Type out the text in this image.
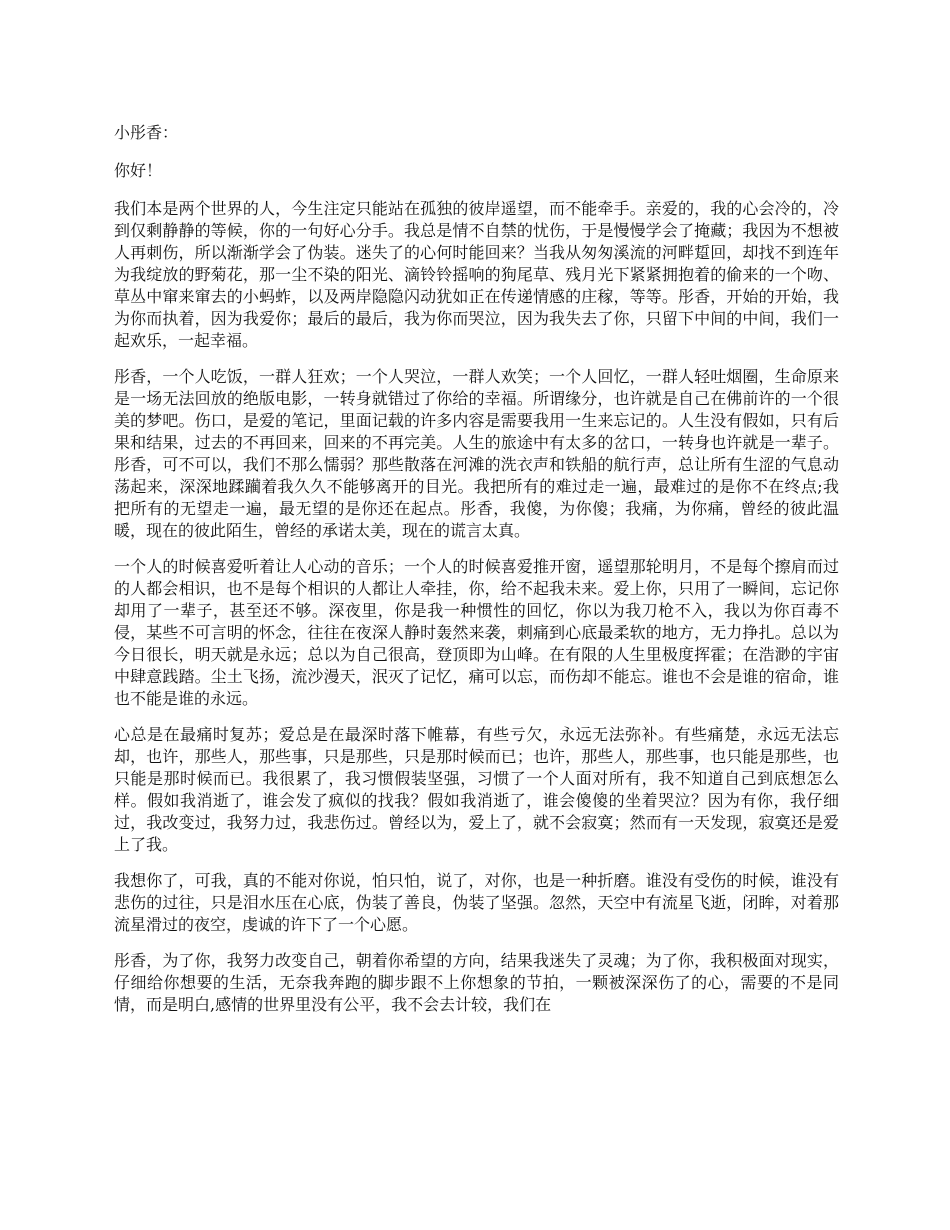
小彤香：

你好！

我们本是两个世界的人，今生注定只能站在孤独的彼岸遥望，而不能牵手。亲爱的，我的心会冷的，冷到仅剩静静的等候，你的一句好心分手。我总是情不自禁的忧伤，于是慢慢学会了掩藏；我因为不想被人再刺伤，所以渐渐学会了伪装。迷失了的心何时能回来？当我从匆匆溪流的河畔踅回，却找不到连年为我绽放的野菊花，那一尘不染的阳光、滴铃铃摇响的狗尾草、残月光下紧紧拥抱着的偷来的一个吻、草丛中窜来窜去的小蚂蚱，以及两岸隐隐闪动犹如正在传递情感的庄稼，等等。彤香，开始的开始，我为你而执着，因为我爱你；最后的最后，我为你而哭泣，因为我失去了你，只留下中间的中间，我们一起欢乐，一起幸福。

彤香，一个人吃饭，一群人狂欢；一个人哭泣，一群人欢笑；一个人回忆，一群人轻吐烟圈，生命原来是一场无法回放的绝版电影，一转身就错过了你给的幸福。所谓缘分，也许就是自己在佛前许的一个很美的梦吧。伤口，是爱的笔记，里面记载的许多内容是需要我用一生来忘记的。人生没有假如，只有后果和结果，过去的不再回来，回来的不再完美。人生的旅途中有太多的岔口，一转身也许就是一辈子。彤香，可不可以，我们不那么懦弱？那些散落在河滩的洗衣声和铁船的航行声，总让所有生涩的气息动荡起来，深深地蹂躏着我久久不能够离开的目光。我把所有的难过走一遍，最难过的是你不在终点;我把所有的无望走一遍，最无望的是你还在起点。彤香，我傻，为你傻；我痛，为你痛，曾经的彼此温暖，现在的彼此陌生，曾经的承诺太美，现在的谎言太真。

一个人的时候喜爱听着让人心动的音乐；一个人的时候喜爱推开窗，遥望那轮明月，不是每个擦肩而过的人都会相识，也不是每个相识的人都让人牵挂，你，给不起我未来。爱上你，只用了一瞬间，忘记你却用了一辈子，甚至还不够。深夜里，你是我一种惯性的回忆，你以为我刀枪不入，我以为你百毒不侵，某些不可言明的怀念，往往在夜深人静时轰然来袭，刺痛到心底最柔软的地方，无力挣扎。总以为今日很长，明天就是永远；总以为自己很高，登顶即为山峰。在有限的人生里极度挥霍；在浩渺的宇宙中肆意践踏。尘土飞扬，流沙漫天，泯灭了记忆，痛可以忘，而伤却不能忘。谁也不会是谁的宿命，谁也不能是谁的永远。

心总是在最痛时复苏；爱总是在最深时落下帷幕，有些亏欠，永远无法弥补。有些痛楚，永远无法忘却，也许，那些人，那些事，只是那些，只是那时候而已；也许，那些人，那些事，也只能是那些，也只能是那时候而已。我很累了，我习惯假装坚强，习惯了一个人面对所有，我不知道自己到底想怎么样。假如我消逝了，谁会发了疯似的找我？假如我消逝了，谁会傻傻的坐着哭泣？因为有你，我仔细过，我改变过，我努力过，我悲伤过。曾经以为，爱上了，就不会寂寞；然而有一天发现，寂寞还是爱上了我。

我想你了，可我，真的不能对你说，怕只怕，说了，对你，也是一种折磨。谁没有受伤的时候，谁没有悲伤的过往，只是泪水压在心底，伪装了善良，伪装了坚强。忽然，天空中有流星飞逝，闭眸，对着那流星滑过的夜空，虔诚的许下了一个心愿。

彤香，为了你，我努力改变自己，朝着你希望的方向，结果我迷失了灵魂；为了你，我积极面对现实，仔细给你想要的生活，无奈我奔跑的脚步跟不上你想象的节拍，一颗被深深伤了的心，需要的不是同情，而是明白,感情的世界里没有公平，我不会去计较，我们在
